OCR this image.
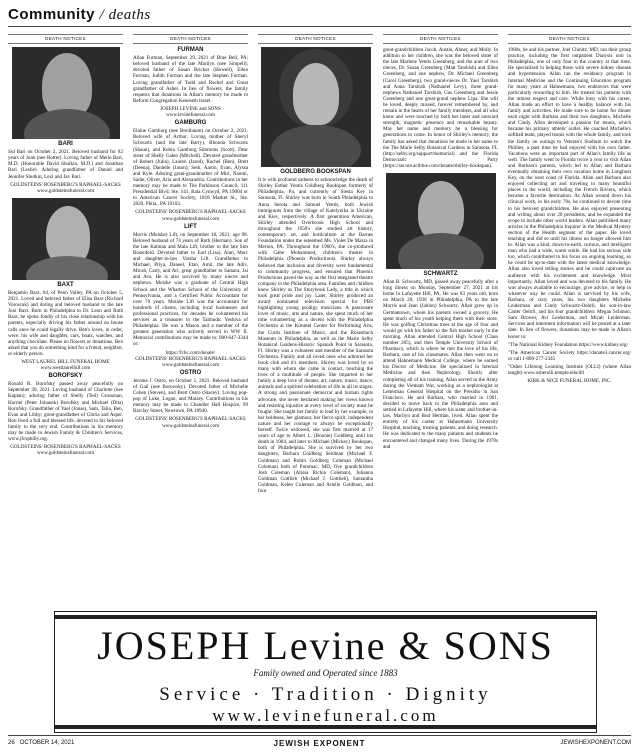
Community / deaths
DEATH NOTICES
BARI

Sid Bari on October 2, 2021. Beloved husband for 82 years of Joan (nee Rotter). Loving father of Merle Bari, M.D. (Honorable David Shulkin, M.D.) and Jonathan Bari (Leslie). Adoring grandfather of Daniel and Jennifer Shulkin, Lexi and Jax Bari.

GOLDSTEINS' ROSENBERG'S RAPHAEL-SACKS

www.goldsteinsfuneral.com

BAXT

Benjamin Baxt, 84, of Penn Valley, PA on October 5, 2021. Loved and beloved father of Elisa Baxt (Richard Voroscak) and doting and beloved husband to the late Joni Baxt. Born in Philadelphia to Dr. Leon and Ruth Baxt, he spoke fondly of his close relationship with his parents, especially driving his father around on house calls once he could legally drive. Ben's loves, in order, were: his wife and daughter, cars, boats, watches, and anything chocolate. Please no flowers or donations. Ben asked that you do something kind for a friend, neighbor, or elderly person.

WEST LAUREL HILL FUNERAL HOME

www.westlaurelhill.com

BOROFSKY

Ronald R. Borofsky passed away peacefully on September 30, 2021. Loving husband of Charlotte (nee Kaplan); adoring father of Shelly (Ted) Grossman, Harriet (Peter Johanek) Borofsky and Michael (Dita) Borofsky. Grandfather of Yael (Jonas), Sam, Talia, Ben, Evan and Libby; great-grandfather of Gloria and Asper. Ron lived a full and blessed life, devoted to his beloved family to the very end. Contributions in his memory may be made to Jewish Family & Children's Services, www.jfcsphilly.org.

GOLDSTEINS' ROSENBERG'S RAPHAEL-SACKS

www.goldsteinsfuneral.com

DEATH NOTICES
FURMAN

Allan Furman, September 29, 2021 of Blue Bell, PA; beloved husband of the late Marilyn (nee Simpell); devoted father of Susan Bricker (Howell), Ellen Furman, Judith Furman and the late Stephen Furman. Loving grandfather of Todd and Rachel and Great grandfather of Asher. In lieu of flowers, the family requests that donations in Allan's memory be made to Reform Congregation Keneseth Israel.

JOSEPH LEVINE and SONS

www.levinefuneral.com

GAMBURG

Elaine Gamburg (nee Breitbaum) on October 2, 2021. Beloved wife of Arthur. Loving mother of Sheryl Schwartz (and the late Barry), Rhonda Schwartz (Shaun), and Robin Gamburg Simmons (Scott). Dear sister of Shelly Galen (Mitchell). Devoted grandmother of Robert (Julia), Lauren (Jared), Rachel (Ben), Brett (Deena), Danielle (Jason), Seth, Aaron, Evan, Alyssa and Kyle. Adoring great-grandmother of Miri, Naomi, Sadie, Oliver, Aria and Alexandria. Contributions in her memory may be made to The Parkinson Council, 111 Presidential Blvd, Ste. 141, Bala Cynwyd, PA 19004 or to American Cancer Society, 1818 Market St., Ste. 2820, Phila., PA 19103.

GOLDSTEINS' ROSENBERG'S RAPHAEL-SACKS

www.goldsteinsfuneral.com

LIFT

Morris (Moishe) Lift, on September 18, 2021, age 98. Beloved husband of 74 years of Ruth (Herman). Son of the late Kalman and Mala Lift, brother to the late Sim Rosenfeld. Devoted father to Earl (Lisa), Alan, Marc and daughter-in-law Varsha Lift. Grandfather to Michael, Priya, Daneel, Etan, Amit, the late Adiv, Micah, Carly, and Ari; great grandfather to Samara, Jai and Ava. He is also survived by many nieces and nephews. Moishe was a graduate of Central High School and the Wharton School of the University of Pennsylvania, and a Certified Public Accountant for over 70 years. Moishe Lift was the accountant for hundreds of clients, including local businesses and professional practices, for decades he volunteered his services as a treasurer to the Talmudic Yeshiva of Philadelphia. He was a Mason and a member of the greatest generation who actively served in WW II. Memorial contributions may be made to: 800-647-3344 or:

https://fcbc.com/donate/

GOLDSTEINS' ROSENBERG'S RAPHAEL-SACKS

www.goldsteinsfuneral.com

OSTRO

Jerome J. Ostro, on October 1, 2021. Beloved husband of Gail (nee Borowsky). Devoted father of Michelle Cohen (Steven), and Brett Ostro (Stacey). Loving pop-pop of Luke, Logan, and Maizey. Contributions in his memory may be made to Chandler Hall Hospice, 99 Barclay Street, Newtown, PA 18940.

GOLDSTEINS' ROSENBERG'S RAPHAEL-SACKS

www.goldsteinsfuneral.com

DEATH NOTICES
GOLDBERG BOOKSPAN

It is with profound sadness to acknowledge the death of Shirley Esther Yentis Goldberg Bookspan formerly of Philadelphia, Pa, and currently of Siesta Key in Sarasota, Fl. Shirley was born in South Philadelphia to Anna Serota and Samuel Yentis, both Jewish immigrants from the village of Katelynika in Ukraine and Kiev, respectively. A first generation American, Shirley attended Overbrook High School and throughout the 1950's she studied art history, contemporary art, and horticulture at the Barnes Foundation under the esteemed Ms. Violet De Mazia in Merion, PA. Throughout the 1960's, she co-produced with Gabe Mohammed, children's theater in Philadelphia (Phoenix Productions). Shirley always believed that inclusion and diversity were fundamental to community progress, and ensured that Phoenix Productions paved the way as the first integrated theatre company in the Philadelphia area. Families and children knew Shirley as The Storybook Lady, a title in which took great pride and joy. Later, Shirley produced an award nominated television special for PBS highlighting young prodigy musicians. A passionate lover of music, arts and nature, she spent much of her time volunteering as a docent with the Philadelphia Orchestra at the Kimmel Center for Performing Arts, the Curtis Institute of Music, and the Rosenbach Museum in Philadelphia, as well as the Marie Selby Botanical Gardens-Historic Spanish Point in Sarasota, Fl. Shirley was a volunteer and member of the Sarasota Orchestra. Family and all loved ones who admired her book club and it's members. Shirley was loved by so many with whom she came in contact, touching the lives of a multitude of people. She imparted to her family a deep love of theater, art, nature, music, dance, animals and a spirited celebration of life in all its stages. A strong and passionate democrat and human rights advocate, she never hesitated making her views known and resisting injustice at every level of society must be fought. She taught her family to lead by her example, in her boldness, her glamour, her fierce spirit, independent nature and her courage to always be exceptionally herself. Twice widowed, she was first married at 17 years of age to Albert L. (Boonie) Goldberg until his death in 1984, and later to Michael (Mickey) Bookspan, both of Philadelphia. She is survived by her two daughters, Barbara Goldberg Seidman (Michael F. Goldman) and Robin Goldberg Coleman (Michael Coleman) both of Potomac, MD, five grandchildren Josh Coleman (Alissa Richin Coleman), Julianna Goldman Gottlieb (Michael J. Gottlieb), Samantha Goldman, Kelen Coleman and Arielle Goldman, and four

DEATH NOTICES

great-grandchildren Jacob, Austin, Abner, and Molly. In addition to her children, she was the beloved sister of the late Marlene Yentis Greenberg, and the aunt of two nieces, Dr. Susan Greenberg (Matt Tarshish) and Ellen Greenberg, and one nephew, Dr. Michael Greenberg (Carol Greenberg), two grand-nieces Dr. Yael Tarshish and Anna Tarshish (Nathaniel Levy), three grand-nephews Nathaniel Tarshish, Gus Greenberg and Jessie Greenberg and one great-grand nephew Lipa. She will be loved, deeply missed, forever remembered by, and remain in the hearts of her family members, and all who knew and were touched by both her inner and outward strength, magnetic presence and remarkable beauty. May her name and memory be a blessing for generations to come. In honor of Shirley's memory, the family has asked that donations be made in her name to the The Marie Selby Botanical Gardens in Sarasota, FL (http://selby.org/support/memorial) and the Florida Democratic Party (https://secure.actblue.com/donate/shirley-bookspan).

SCHWARTZ

Allan B. Schwartz, MD, passed away peacefully after a long illness on Monday, September 27, 2021 at his home in Lafayette Hill, PA. He was 83 years old, born on March 20, 1938 in Philadelphia, PA to the late Morris and Jean (Jablon) Schwartz. Allan grew up in Germantown, where his parents owned a grocery. He spent much of his youth helping them with their store. He was golfing Christmas trees at the age of four and would go with his father to the fish market early in the morning. Allan attended Central High School (Class number 205), and then Temple University School of Pharmacy, which is where he met the love of his life, Barbara, one of his classmates. Allan then went on to attend Hahnemann Medical College, where he earned his Doctor of Medicine. He specialized in Internal Medicine and then Nephrology. Shortly after completing all of his training, Allan served in the Army during the Vietnam War, working as a nephrologist at Letterman General Hospital on the Presidio in San Francisco. He and Barbara, who married in 1961, decided to move back to the Philadelphia area and settled in Lafayette Hill, where his sister and brother-in-law, Marilyn and Bud Herman, lived. Allan spent the entirety of his career at Hahnemann University Hospital, teaching, treating patients, and doing research. He was dedicated to the many patients and students he encountered and changed many lives. During the 1970s and

DEATH NOTICES

1980s, he and his partner, Joel Chinitz, MD, ran their group practice, including the first outpatient Dialysis unit in Philadelphia, one of only four in the country at that time. He specialized in helping those with severe kidney disease and hypertension. Allan ran the residency program in Internal Medicine and the Continuing Education program for many years at Hahnemann, two endeavors that were particularly rewarding to him. He treated his patients with the utmost respect and care. While busy with his career, Allan made an effort to have a healthy balance with his family and activities. He made sure to be home for dinner each night with Barbara and their two daughters, Michelle and Cindy. Allan developed a passion for tennis, which became his primary athletic outlet. He coached Michelle's softball team, played tennis with the whole family, and took the family on outings to Veteran's Stadium to watch the Phillies, a past time he had enjoyed with his own father. Vacations were an important part of Allan's family life as well. The family went to Florida twice a year to visit Allan and Barbara's parents, which led to Allan and Barbara eventually obtaining their own vacation home in Longboat Key, on the west coast of Florida. Allan and Barbara also enjoyed collecting art and traveling to many beautiful places in the world, including the French Riviera, which became a favorite destination. As Allan wound down his clinical work, in his early 70s, he continued to devote time to his beloved grandchildren. He also enjoyed presenting and writing about over 20 presidents, and he expanded the scope to include other world leaders. Allan published many articles in the Philadelphia Inquirer in the Medical Mystery section of the Health segment of the paper. He loved teaching and did so until his illness no longer allowed him to. Allan was a kind, down-to-earth, curious, and intelligent man who had a wide, warm smile. He had his serious side too, which contributed to his focus on ongoing learning, so he could be up-to-date with the latest medical knowledge. Allan also loved telling stories and he could captivate an audience with his excitement and knowledge. Most importantly, Allan loved and was devoted to his family. He was always available to encourage, give advice, or help in whatever way he could. Allan is survived by his wife, Barbara, of sixty years, his two daughters Michelle Leiderman and Cindy Schwartz-Oehrli, his son-in-law Carter Oehrli, and his four grandchildren: Megan Schmon, Sam Brower, Avi Leiderman, and Micah Leiderman. Services and interment information will be posted at a later date. In lieu of flowers, donations may be made in Allan's honor to:

"The National Kidney Foundation https://www.kidney.org/

"The American Cancer Society https://donate3.cancer.org/ or call 1-800-277-2345

"Osher Lifelong Learning Institute (OLLI) (where Allan taught) www.osherolli.temple.edu/dll

KIRK & NICE FUNERAL HOME, INC.

JOSEPH Levine & SONS
Family owned and Operated since 1883
Service · Tradition · Dignity
www.levinefuneral.com
26 OCTOBER 14, 2021	JEWISH EXPONENT	JEWISHEXPONENT.COM
